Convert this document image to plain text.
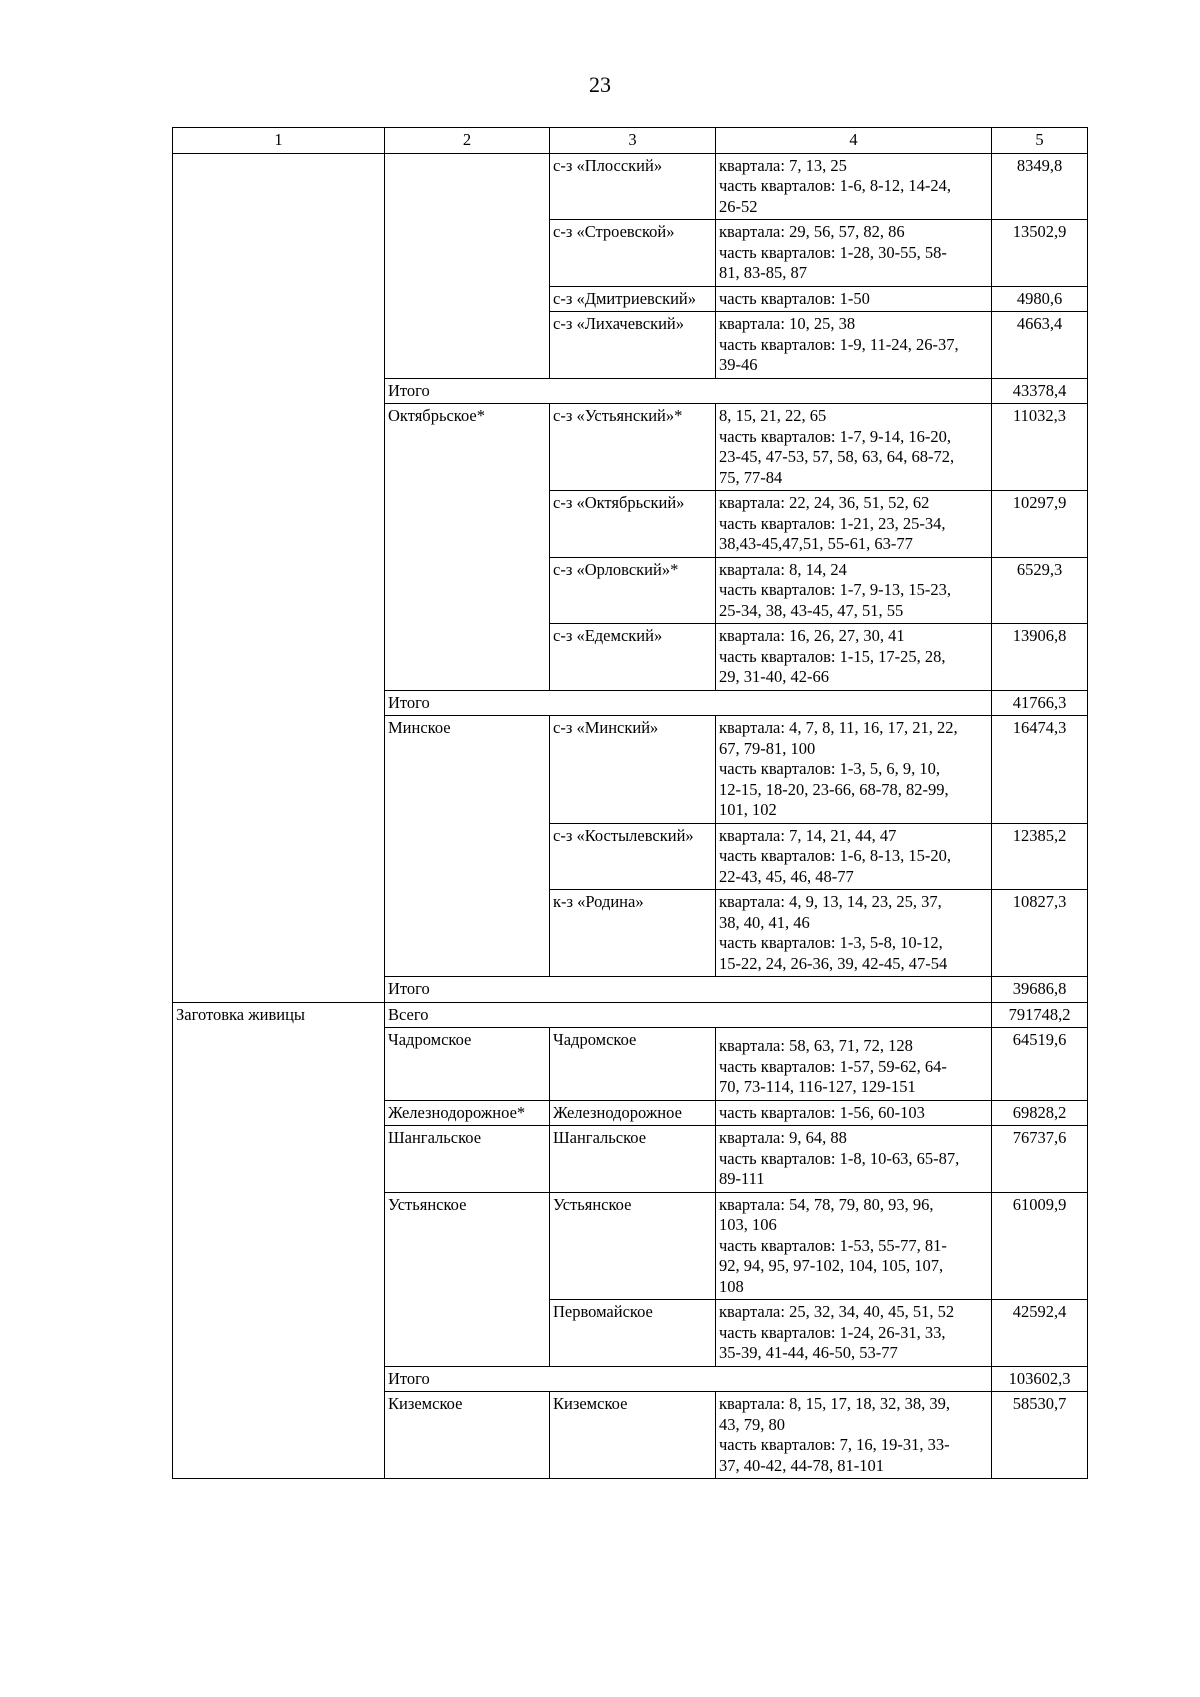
23
1	2	3	4	5
		с-з «Плосский»	квартала: 7, 13, 25
часть кварталов: 1-6, 8-12, 14-24,
26-52	8349,8
		с-з «Строевской»	квартала: 29, 56, 57, 82, 86
часть кварталов: 1-28, 30-55, 58-
81, 83-85, 87	13502,9
		с-з «Дмитриевский»	часть кварталов: 1-50	4980,6
		с-з «Лихачевский»	квартала: 10, 25, 38
часть кварталов: 1-9, 11-24, 26-37,
39-46	4663,4
	Итого			43378,4
	Октябрьское*	с-з «Устьянский»*	8, 15, 21, 22, 65
часть кварталов: 1-7, 9-14, 16-20,
23-45, 47-53, 57, 58, 63, 64, 68-72,
75, 77-84	11032,3
		с-з «Октябрьский»	квартала: 22, 24, 36, 51, 52, 62
часть кварталов: 1-21, 23, 25-34,
38,43-45,47,51, 55-61, 63-77	10297,9
		с-з «Орловский»*	квартала: 8, 14, 24
часть кварталов: 1-7, 9-13, 15-23,
25-34, 38, 43-45, 47, 51, 55	6529,3
		с-з «Едемский»	квартала: 16, 26, 27, 30, 41
часть кварталов: 1-15, 17-25, 28,
29, 31-40, 42-66	13906,8
	Итого			41766,3
	Минское	с-з «Минский»	квартала: 4, 7, 8, 11, 16, 17, 21, 22,
67, 79-81, 100
часть кварталов: 1-3, 5, 6, 9, 10,
12-15, 18-20, 23-66, 68-78, 82-99,
101, 102	16474,3
		с-з «Костылевский»	квартала: 7, 14, 21, 44, 47
часть кварталов: 1-6, 8-13, 15-20,
22-43, 45, 46, 48-77	12385,2
		к-з «Родина»	квартала: 4, 9, 13, 14, 23, 25, 37,
38, 40, 41, 46
часть кварталов: 1-3, 5-8, 10-12,
15-22, 24, 26-36, 39, 42-45, 47-54	10827,3
	Итого			39686,8
Заготовка живицы	Всего			791748,2
	Чадромское	Чадромское	квартала: 58, 63, 71, 72, 128
часть кварталов: 1-57, 59-62, 64-
70, 73-114, 116-127, 129-151	64519,6
	Железнодорожное*	Железнодорожное	часть кварталов: 1-56, 60-103	69828,2
	Шангальское	Шангальское	квартала: 9, 64, 88
часть кварталов: 1-8, 10-63, 65-87,
89-111	76737,6
	Устьянское	Устьянское	квартала: 54, 78, 79, 80, 93, 96,
103, 106
часть кварталов: 1-53, 55-77, 81-
92, 94, 95, 97-102, 104, 105, 107,
108	61009,9
		Первомайское	квартала: 25, 32, 34, 40, 45, 51, 52
часть кварталов: 1-24, 26-31, 33,
35-39, 41-44, 46-50, 53-77	42592,4
	Итого			103602,3
	Киземское	Киземское	квартала: 8, 15, 17, 18, 32, 38, 39,
43, 79, 80
часть кварталов: 7, 16, 19-31, 33-
37, 40-42, 44-78, 81-101	58530,7
